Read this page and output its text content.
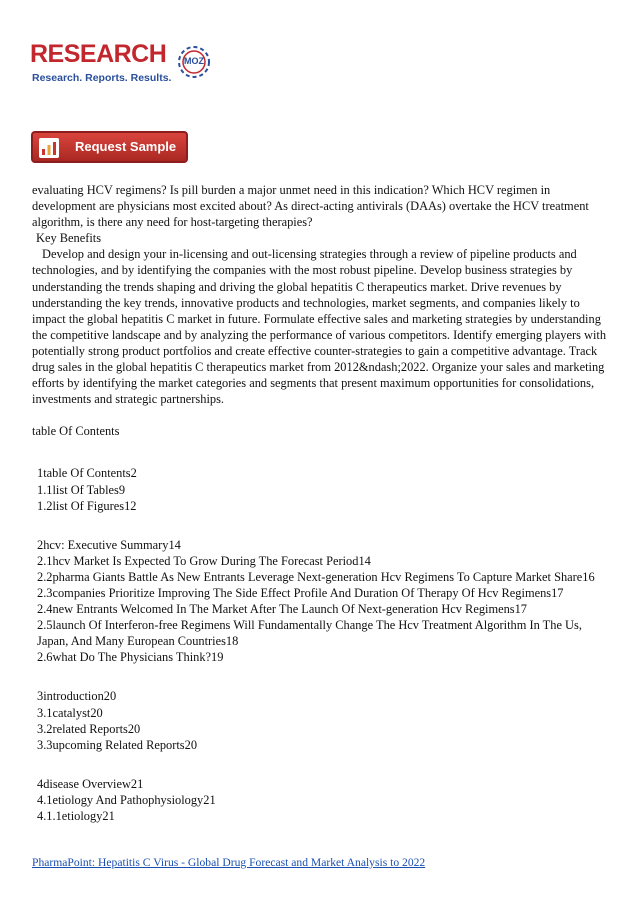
RESEARCH	MOZ
Research. Reports. Results.
Request Sample

evaluating HCV regimens? Is pill burden a major unmet need in this indication? Which HCV regimen in development are physicians most excited about? As direct-acting antivirals (DAAs) overtake the HCV treatment algorithm, is there any need for host-targeting therapies?

Key Benefits

Develop and design your in-licensing and out-licensing strategies through a review of pipeline products and technologies, and by identifying the companies with the most robust pipeline. Develop business strategies by understanding the trends shaping and driving the global hepatitis C therapeutics market. Drive revenues by understanding the key trends, innovative products and technologies, market segments, and companies likely to impact the global hepatitis C market in future. Formulate effective sales and marketing strategies by understanding the competitive landscape and by analyzing the performance of various competitors. Identify emerging players with potentially strong product portfolios and create effective counter-strategies to gain a competitive advantage. Track drug sales in the global hepatitis C therapeutics market from 2012&ndash;2022. Organize your sales and marketing efforts by identifying the market categories and segments that present maximum opportunities for consolidations, investments and strategic partnerships.

table Of Contents

1table Of Contents2

1.1list Of Tables9

1.2list Of Figures12

2hcv: Executive Summary14

2.1hcv Market Is Expected To Grow During The Forecast Period14

2.2pharma Giants Battle As New Entrants Leverage Next-generation Hcv Regimens To Capture Market Share16

2.3companies Prioritize Improving The Side Effect Profile And Duration Of Therapy Of Hcv Regimens17

2.4new Entrants Welcomed In The Market After The Launch Of Next-generation Hcv Regimens17

2.5launch Of Interferon-free Regimens Will Fundamentally Change The Hcv Treatment Algorithm In The Us, Japan, And Many European Countries18

2.6what Do The Physicians Think?19

3introduction20

3.1catalyst20

3.2related Reports20

3.3upcoming Related Reports20

4disease Overview21

4.1etiology And Pathophysiology21

4.1.1etiology21

PharmaPoint: Hepatitis C Virus - Global Drug Forecast and Market Analysis to 2022
